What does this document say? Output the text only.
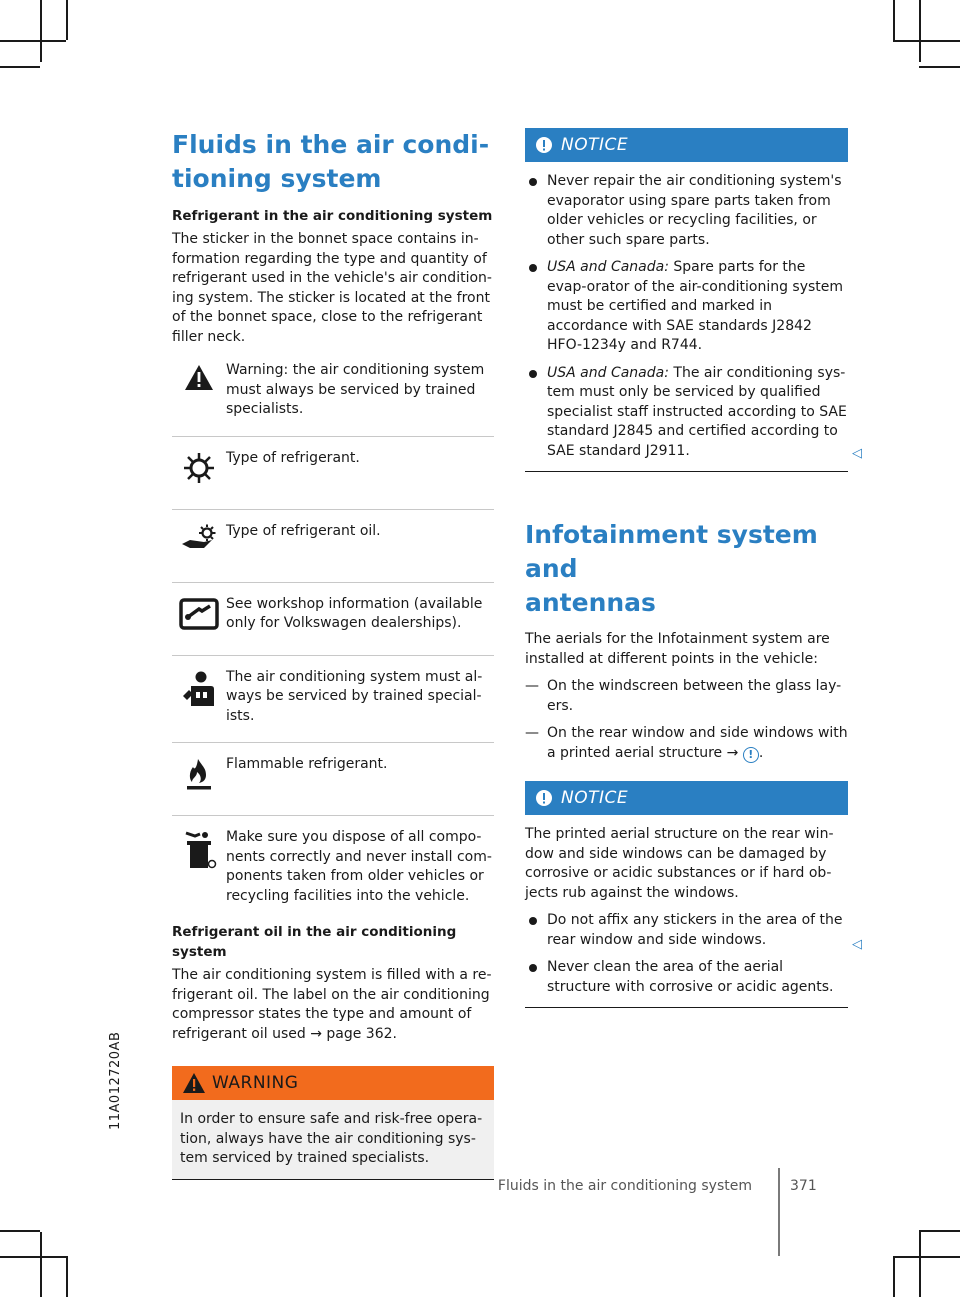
11A012720AB
Fluids in the air condi-
tioning system
Refrigerant in the air conditioning system

The sticker in the bonnet space contains in-formation regarding the type and quantity of refrigerant used in the vehicle's air condition-ing system. The sticker is located at the front of the bonnet space, close to the refrigerant filler neck.

Warning: the air conditioning system must always be serviced by trained specialists.
Type of refrigerant.
Type of refrigerant oil.
See workshop information (available only for Volkswagen dealerships).
The air conditioning system must al-ways be serviced by trained special-ists.
Flammable refrigerant.
Make sure you dispose of all compo-nents correctly and never install com-ponents taken from older vehicles or recycling facilities into the vehicle.
Refrigerant oil in the air conditioning system

The air conditioning system is filled with a re-frigerant oil. The label on the air conditioning compressor states the type and amount of refrigerant oil used → page 362.

WARNING

In order to ensure safe and risk-free opera-tion, always have the air conditioning sys-tem serviced by trained specialists.

NOTICE
Never repair the air conditioning system's evaporator using spare parts taken from older vehicles or recycling facilities, or other such spare parts.
USA and Canada: Spare parts for the evap-orator of the air-conditioning system must be certified and marked in accordance with SAE standards J2842 HFO-1234y and R744.
USA and Canada: The air conditioning sys-tem must only be serviced by qualified specialist staff instructed according to SAE standard J2845 and certified according to SAE standard J2911.
Infotainment system and
antennas

The aerials for the Infotainment system are installed at different points in the vehicle:

— On the windscreen between the glass lay-ers.
— On the rear window and side windows with a printed aerial structure → ! .
NOTICE

The printed aerial structure on the rear win-dow and side windows can be damaged by corrosive or acidic substances or if hard ob-jects rub against the windows.

Do not affix any stickers in the area of the rear window and side windows.
Never clean the area of the aerial structure with corrosive or acidic agents.
◁
◁
Fluids in the air conditioning system	371
